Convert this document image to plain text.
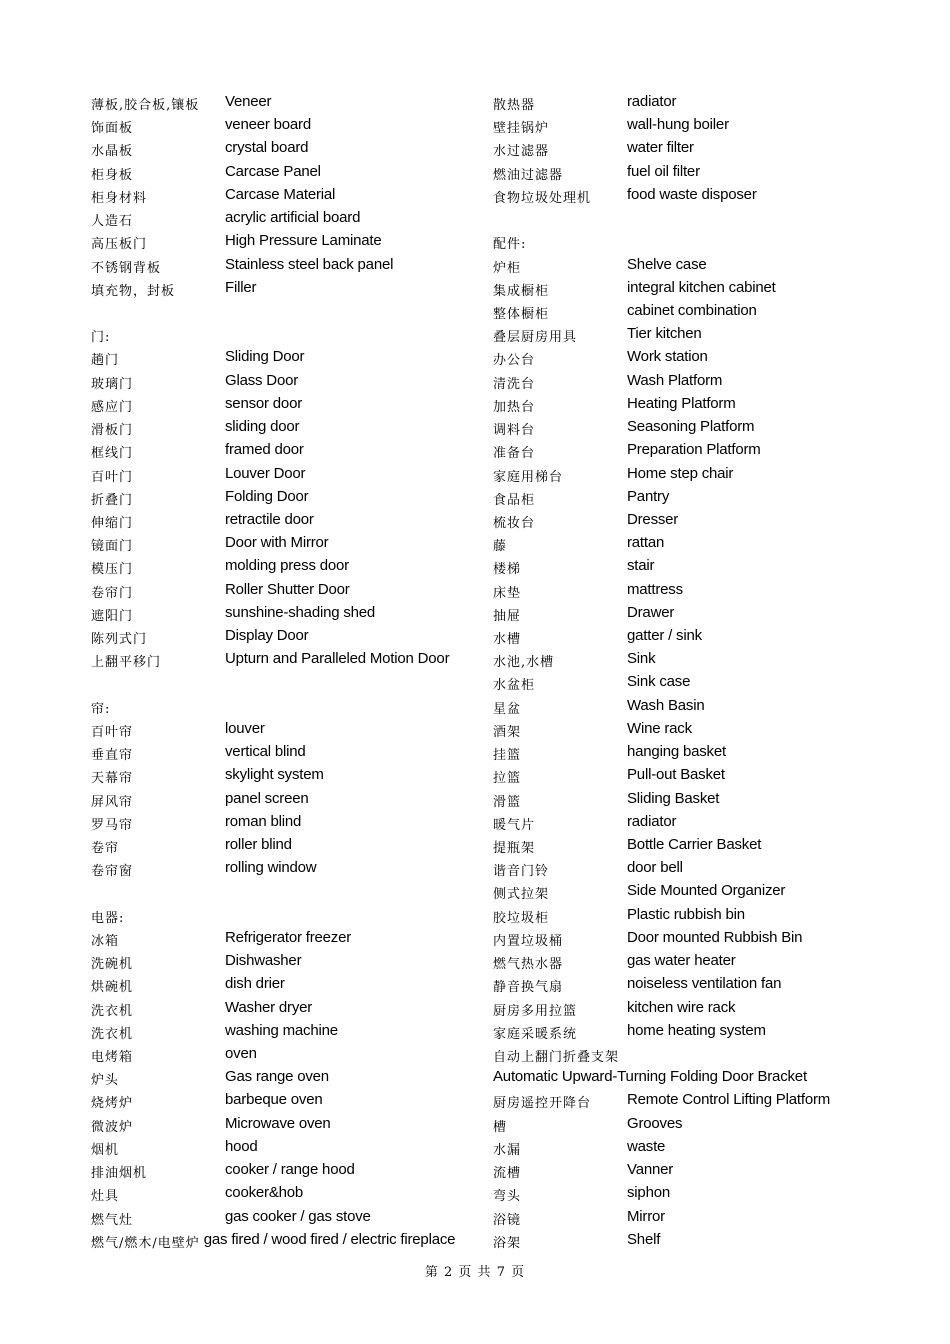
薄板,胶合板,镶板 Veneer
饰面板	veneer board
水晶板	crystal board
柜身板	Carcase Panel
柜身材料	Carcase Material
人造石	acrylic artificial board
高压板门	High Pressure Laminate
不锈钢背板	Stainless steel back panel
填充物，封板	Filler
门:
趟门	Sliding Door
玻璃门	Glass Door
感应门	sensor door
滑板门	sliding door
框线门	framed door
百叶门	Louver Door
折叠门	Folding Door
伸缩门	retractile door
镜面门	Door with Mirror
模压门	molding press door
卷帘门	Roller Shutter Door
遮阳门	sunshine-shading shed
陈列式门	Display Door
上翻平移门	Upturn and Paralleled Motion Door
帘:
百叶帘	louver
垂直帘	vertical blind
天幕帘	skylight system
屏风帘	panel screen
罗马帘	roman blind
卷帘	roller blind
卷帘窗	rolling window
电器:
冰箱	Refrigerator freezer
洗碗机	Dishwasher
烘碗机	dish drier
洗衣机	Washer dryer
洗衣机	washing machine
电烤箱	oven
炉头	Gas range oven
烧烤炉	barbeque oven
微波炉	Microwave oven
烟机	hood
排油烟机	cooker / range hood
灶具	cooker&hob
燃气灶	gas cooker / gas stove
燃气/燃木/电壁炉 gas fired / wood fired / electric fireplace
散热器	radiator
壁挂锅炉	wall-hung boiler
水过滤器	water filter
燃油过滤器	fuel oil filter
食物垃圾处理机 food waste disposer
配件:
炉柜	Shelve case
集成橱柜	integral kitchen cabinet
整体橱柜	cabinet combination
叠层厨房用具	Tier kitchen
办公台	Work station
清洗台	Wash Platform
加热台	Heating Platform
调料台	Seasoning Platform
准备台	Preparation Platform
家庭用梯台	Home step chair
食品柜	Pantry
梳妆台	Dresser
藤	rattan
楼梯	stair
床垫	mattress
抽屉	Drawer
水槽	gatter / sink
水池,水槽	Sink
水盆柜	Sink case
星盆	Wash Basin
酒架	Wine rack
挂篮	hanging basket
拉篮	Pull-out Basket
滑篮	Sliding Basket
暖气片	radiator
提瓶架	Bottle Carrier Basket
谐音门铃	door bell
侧式拉架	Side Mounted Organizer
胶垃圾柜	Plastic rubbish bin
内置垃圾桶	Door mounted Rubbish Bin
燃气热水器	gas water heater
静音换气扇	noiseless ventilation fan
厨房多用拉篮	kitchen wire rack
家庭采暖系统	home heating system
自动上翻门折叠支架
Automatic Upward-Turning Folding Door Bracket
厨房遥控开降台 Remote Control Lifting Platform
槽	Grooves
水漏	waste
流槽	Vanner
弯头	siphon
浴镜	Mirror
浴架	Shelf
第 2 页 共 7 页
